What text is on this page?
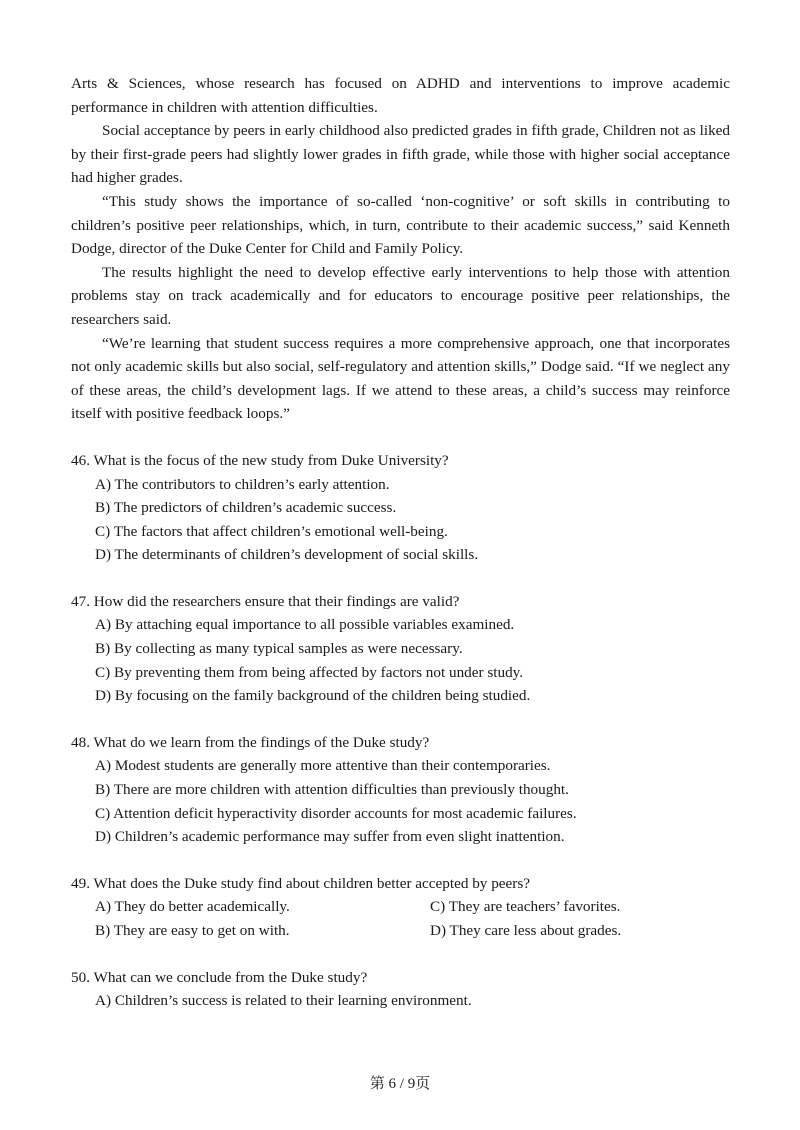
Arts & Sciences, whose research has focused on ADHD and interventions to improve academic performance in children with attention difficulties.

Social acceptance by peers in early childhood also predicted grades in fifth grade, Children not as liked by their first-grade peers had slightly lower grades in fifth grade, while those with higher social acceptance had higher grades.

“This study shows the importance of so-called ‘non-cognitive’ or soft skills in contributing to children’s positive peer relationships, which, in turn, contribute to their academic success,” said Kenneth Dodge, director of the Duke Center for Child and Family Policy.

The results highlight the need to develop effective early interventions to help those with attention problems stay on track academically and for educators to encourage positive peer relationships, the researchers said.

“We’re learning that student success requires a more comprehensive approach, one that incorporates not only academic skills but also social, self-regulatory and attention skills,” Dodge said. “If we neglect any of these areas, the child’s development lags. If we attend to these areas, a child’s success may reinforce itself with positive feedback loops.”

46. What is the focus of the new study from Duke University?

A) The contributors to children’s early attention.

B) The predictors of children’s academic success.

C) The factors that affect children’s emotional well-being.

D) The determinants of children’s development of social skills.

47. How did the researchers ensure that their findings are valid?

A) By attaching equal importance to all possible variables examined.

B) By collecting as many typical samples as were necessary.

C) By preventing them from being affected by factors not under study.

D) By focusing on the family background of the children being studied.

48. What do we learn from the findings of the Duke study?

A) Modest students are generally more attentive than their contemporaries.

B) There are more children with attention difficulties than previously thought.

C) Attention deficit hyperactivity disorder accounts for most academic failures.

D) Children’s academic performance may suffer from even slight inattention.

49. What does the Duke study find about children better accepted by peers?

A) They do better academically.	C) They are teachers’ favorites.

B) They are easy to get on with.	D) They care less about grades.

50. What can we conclude from the Duke study?

A) Children’s success is related to their learning environment.

第 6 / 9页
